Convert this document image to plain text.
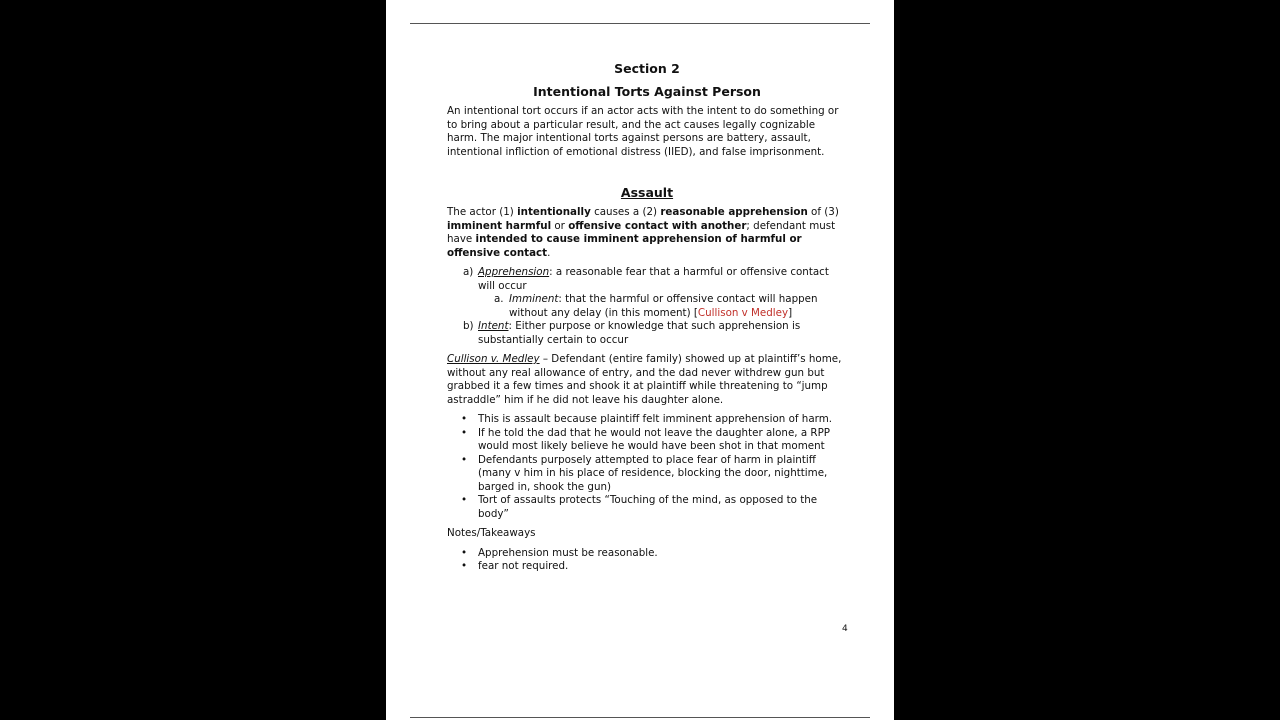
Section 2

Intentional Torts Against Person

An intentional tort occurs if an actor acts with the intent to do something or to bring about a particular result, and the act causes legally cognizable harm. The major intentional torts against persons are battery, assault, intentional infliction of emotional distress (IIED), and false imprisonment.

Assault

The actor (1) intentionally causes a (2) reasonable apprehension of (3) imminent harmful or offensive contact with another; defendant must have intended to cause imminent apprehension of harmful or offensive contact.

a) Apprehension: a reasonable fear that a harmful or offensive contact will occur
a. Imminent: that the harmful or offensive contact will happen without any delay (in this moment) [Cullison v Medley]
b) Intent: Either purpose or knowledge that such apprehension is substantially certain to occur

Cullison v. Medley – Defendant (entire family) showed up at plaintiff’s home, without any real allowance of entry, and the dad never withdrew gun but grabbed it a few times and shook it at plaintiff while threatening to “jump astraddle” him if he did not leave his daughter alone.

• This is assault because plaintiff felt imminent apprehension of harm.
• If he told the dad that he would not leave the daughter alone, a RPP would most likely believe he would have been shot in that moment
• Defendants purposely attempted to place fear of harm in plaintiff (many v him in his place of residence, blocking the door, nighttime, barged in, shook the gun)
• Tort of assaults protects “Touching of the mind, as opposed to the body”

Notes/Takeaways

• Apprehension must be reasonable.
• fear not required.
4
